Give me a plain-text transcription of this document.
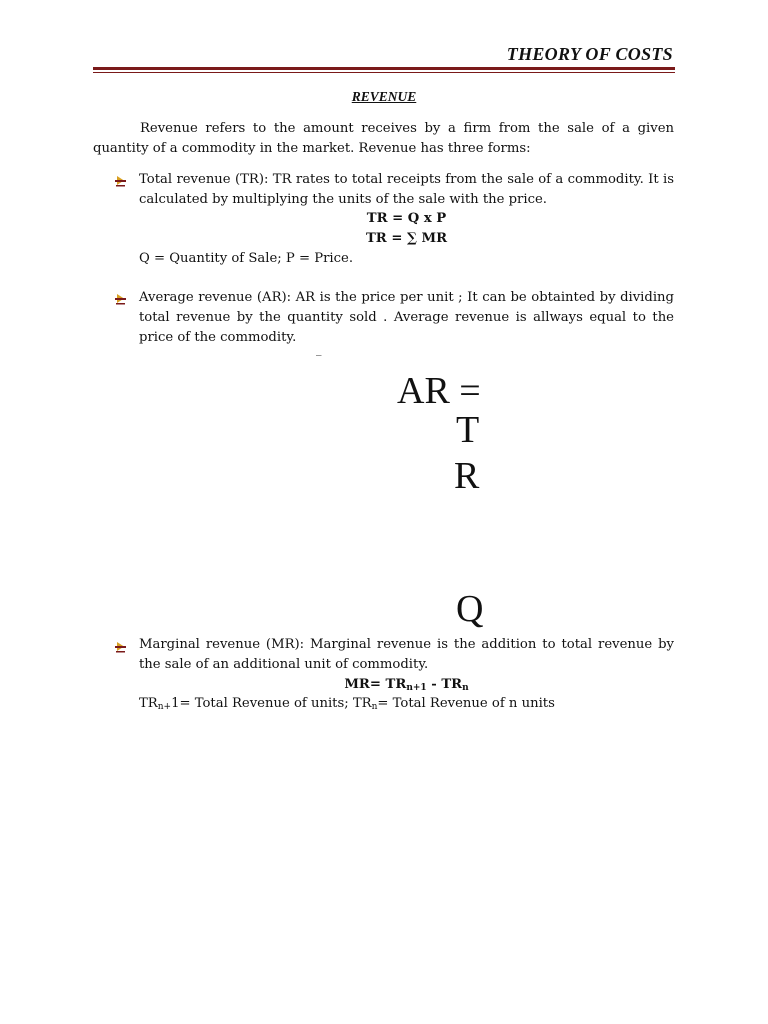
THEORY OF COSTS
REVENUE
Revenue refers to the amount receives by a firm from the sale of a given quantity of a commodity in the market. Revenue has three forms:
Total revenue (TR): TR rates to total receipts from the sale of a commodity. It is calculated by multiplying the units of the sale with the price.
TR = Q x P
TR = ∑ MR
Q = Quantity of Sale; P = Price.
Average revenue (AR): AR is the price per unit ; It can be obtainted by dividing total revenue by the quantity sold . Average revenue is allways equal to the price of the commodity.
_
AR =
T
R
Q
Marginal revenue (MR): Marginal revenue is the addition to total revenue by the sale of an additional unit of commodity.
$MR= TR_{n+1} - TR_n$
$TR_{n+}1=$ Total Revenue of units; $TR_n=$ Total Revenue of n units
